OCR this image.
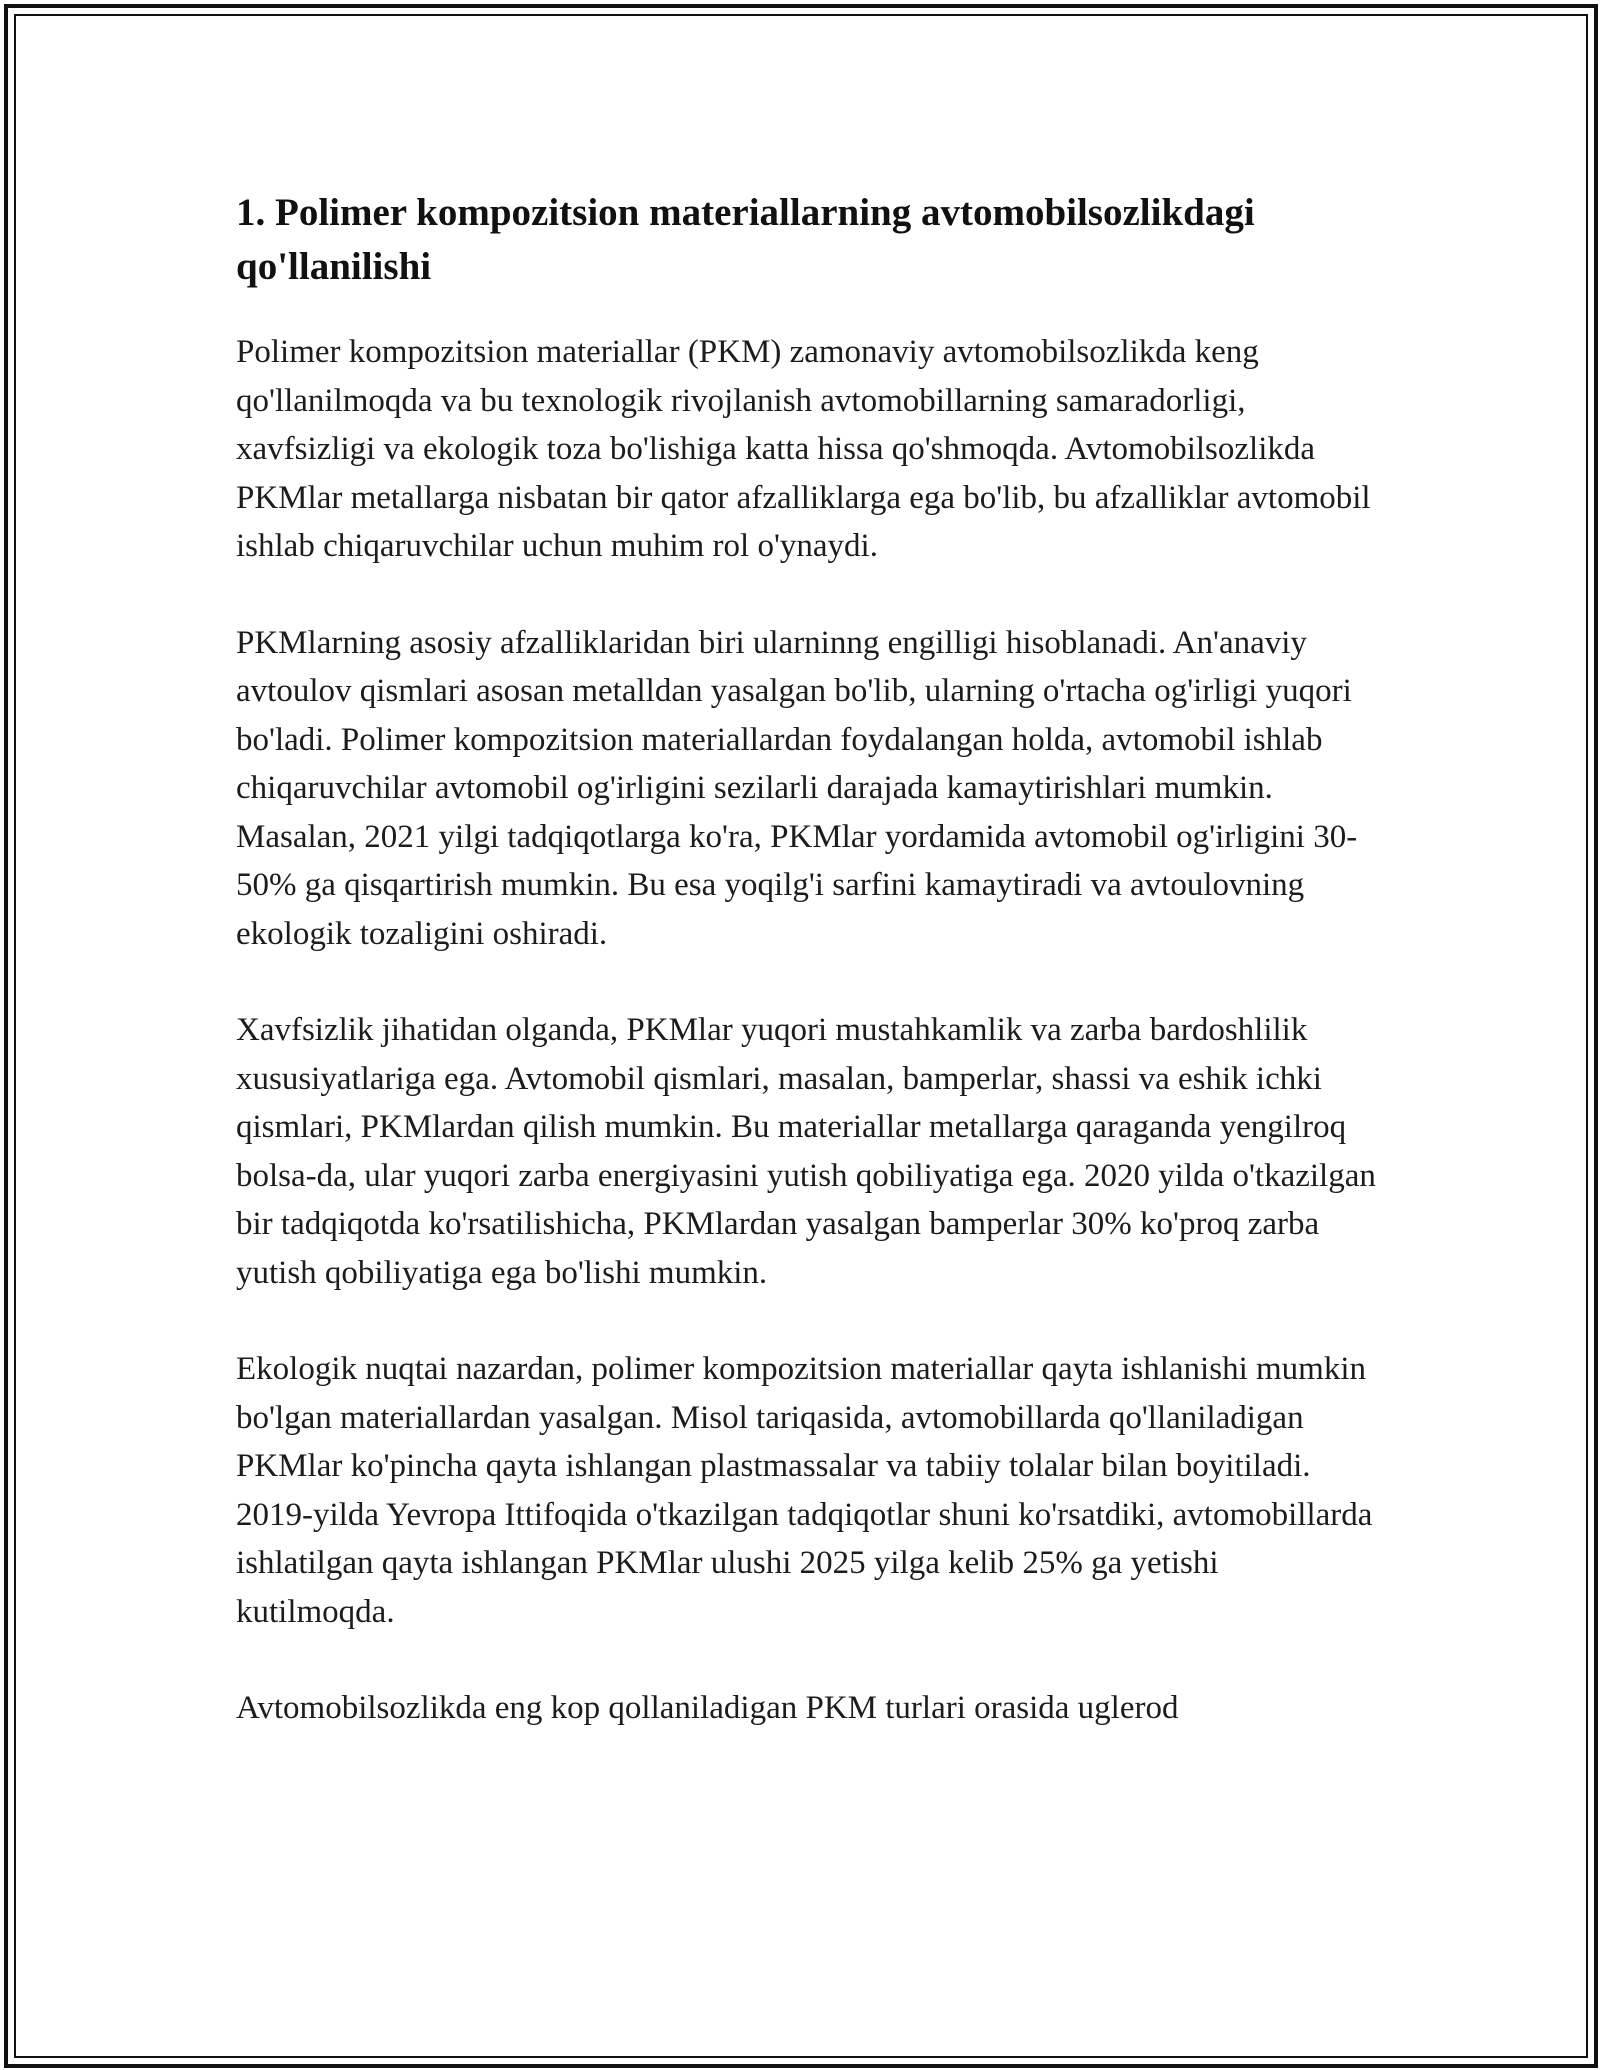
1. Polimer kompozitsion materiallarning avtomobilsozlikdagi qo'llanilishi

Polimer kompozitsion materiallar (PKM) zamonaviy avtomobilsozlikda keng qo'llanilmoqda va bu texnologik rivojlanish avtomobillarning samaradorligi, xavfsizligi va ekologik toza bo'lishiga katta hissa qo'shmoqda. Avtomobilsozlikda PKMlar metallarga nisbatan bir qator afzalliklarga ega bo'lib, bu afzalliklar avtomobil ishlab chiqaruvchilar uchun muhim rol o'ynaydi.

PKMlarning asosiy afzalliklaridan biri ularninng engilligi hisoblanadi. An'anaviy avtoulov qismlari asosan metalldan yasalgan bo'lib, ularning o'rtacha og'irligi yuqori bo'ladi. Polimer kompozitsion materiallardan foydalangan holda, avtomobil ishlab chiqaruvchilar avtomobil og'irligini sezilarli darajada kamaytirishlari mumkin. Masalan, 2021 yilgi tadqiqotlarga ko'ra, PKMlar yordamida avtomobil og'irligini 30-50% ga qisqartirish mumkin. Bu esa yoqilg'i sarfini kamaytiradi va avtoulovning ekologik tozaligini oshiradi.

Xavfsizlik jihatidan olganda, PKMlar yuqori mustahkamlik va zarba bardoshlilik xususiyatlariga ega. Avtomobil qismlari, masalan, bamperlar, shassi va eshik ichki qismlari, PKMlardan qilish mumkin. Bu materiallar metallarga qaraganda yengilroq bolsa-da, ular yuqori zarba energiyasini yutish qobiliyatiga ega. 2020 yilda o'tkazilgan bir tadqiqotda ko'rsatilishicha, PKMlardan yasalgan bamperlar 30% ko'proq zarba yutish qobiliyatiga ega bo'lishi mumkin.

Ekologik nuqtai nazardan, polimer kompozitsion materiallar qayta ishlanishi mumkin bo'lgan materiallardan yasalgan. Misol tariqasida, avtomobillarda qo'llaniladigan PKMlar ko'pincha qayta ishlangan plastmassalar va tabiiy tolalar bilan boyitiladi. 2019-yilda Yevropa Ittifoqida o'tkazilgan tadqiqotlar shuni ko'rsatdiki, avtomobillarda ishlatilgan qayta ishlangan PKMlar ulushi 2025 yilga kelib 25% ga yetishi kutilmoqda.

Avtomobilsozlikda eng kop qollaniladigan PKM turlari orasida uglerod
